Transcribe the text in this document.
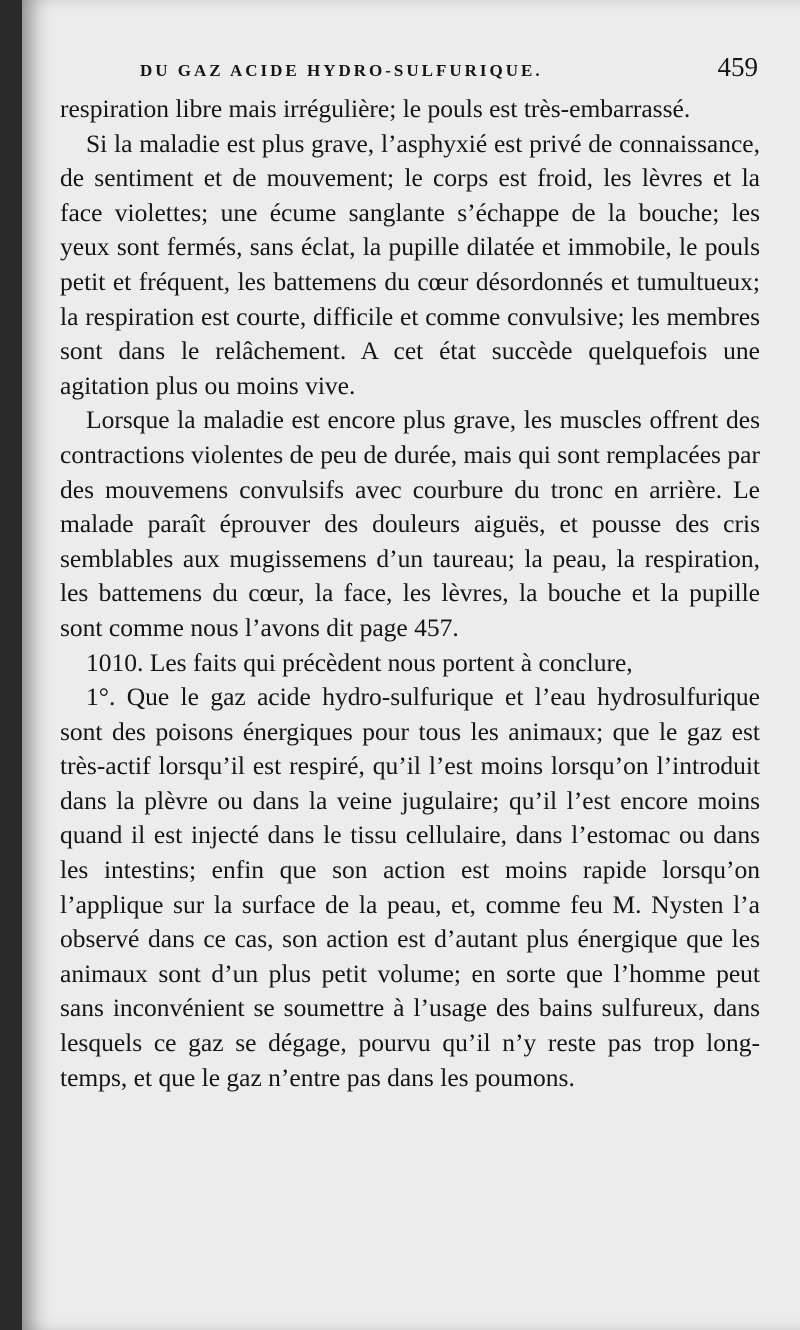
DU GAZ ACIDE HYDRO-SULFURIQUE.	459

respiration libre mais irrégulière; le pouls est très-embarrassé.

Si la maladie est plus grave, l’asphyxié est privé de connaissance, de sentiment et de mouvement; le corps est froid, les lèvres et la face violettes; une écume sanglante s’échappe de la bouche; les yeux sont fermés, sans éclat, la pupille dilatée et immobile, le pouls petit et fréquent, les battemens du cœur désordonnés et tumultueux; la respiration est courte, difficile et comme convulsive; les membres sont dans le relâchement. A cet état succède quelquefois une agitation plus ou moins vive.

Lorsque la maladie est encore plus grave, les muscles offrent des contractions violentes de peu de durée, mais qui sont remplacées par des mouvemens convulsifs avec courbure du tronc en arrière. Le malade paraît éprouver des douleurs aiguës, et pousse des cris semblables aux mugissemens d’un taureau; la peau, la respiration, les battemens du cœur, la face, les lèvres, la bouche et la pupille sont comme nous l’avons dit page 457.

1010. Les faits qui précèdent nous portent à conclure,

1°. Que le gaz acide hydro-sulfurique et l’eau hydrosulfurique sont des poisons énergiques pour tous les animaux; que le gaz est très-actif lorsqu’il est respiré, qu’il l’est moins lorsqu’on l’introduit dans la plèvre ou dans la veine jugulaire; qu’il l’est encore moins quand il est injecté dans le tissu cellulaire, dans l’estomac ou dans les intestins; enfin que son action est moins rapide lorsqu’on l’applique sur la surface de la peau, et, comme feu M. Nysten l’a observé dans ce cas, son action est d’autant plus énergique que les animaux sont d’un plus petit volume; en sorte que l’homme peut sans inconvénient se soumettre à l’usage des bains sulfureux, dans lesquels ce gaz se dégage, pourvu qu’il n’y reste pas trop long-temps, et que le gaz n’entre pas dans les poumons.
